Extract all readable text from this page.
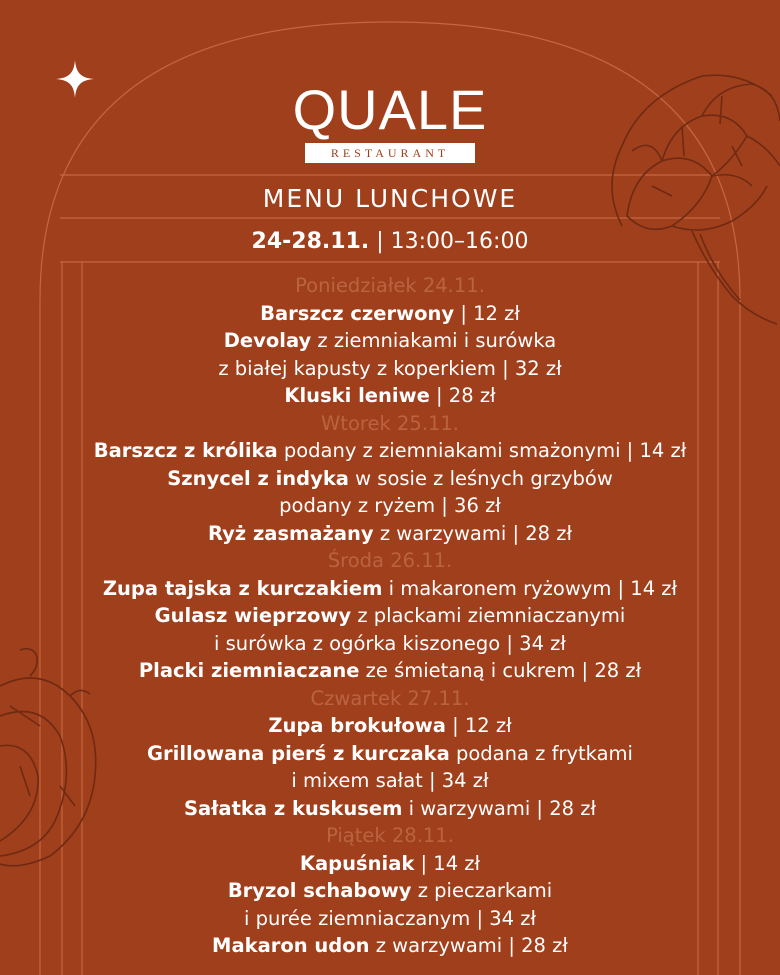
QUALE
RESTAURANT
MENU LUNCHOWE
24-28.11. | 13:00–16:00
Poniedziałek 24.11.
Barszcz czerwony | 12 zł
Devolay z ziemniakami i surówka
z białej kapusty z koperkiem | 32 zł
Kluski leniwe | 28 zł
Wtorek 25.11.
Barszcz z królika podany z ziemniakami smażonymi | 14 zł
Sznycel z indyka w sosie z leśnych grzybów
podany z ryżem | 36 zł
Ryż zasmażany z warzywami | 28 zł
Środa 26.11.
Zupa tajska z kurczakiem i makaronem ryżowym | 14 zł
Gulasz wieprzowy z plackami ziemniaczanymi
i surówka z ogórka kiszonego | 34 zł
Placki ziemniaczane ze śmietaną i cukrem | 28 zł
Czwartek 27.11.
Zupa brokułowa | 12 zł
Grillowana pierś z kurczaka podana z frytkami
i mixem sałat | 34 zł
Sałatka z kuskusem i warzywami | 28 zł
Piątek 28.11.
Kapuśniak | 14 zł
Bryzol schabowy z pieczarkami
i purée ziemniaczanym | 34 zł
Makaron udon z warzywami | 28 zł
